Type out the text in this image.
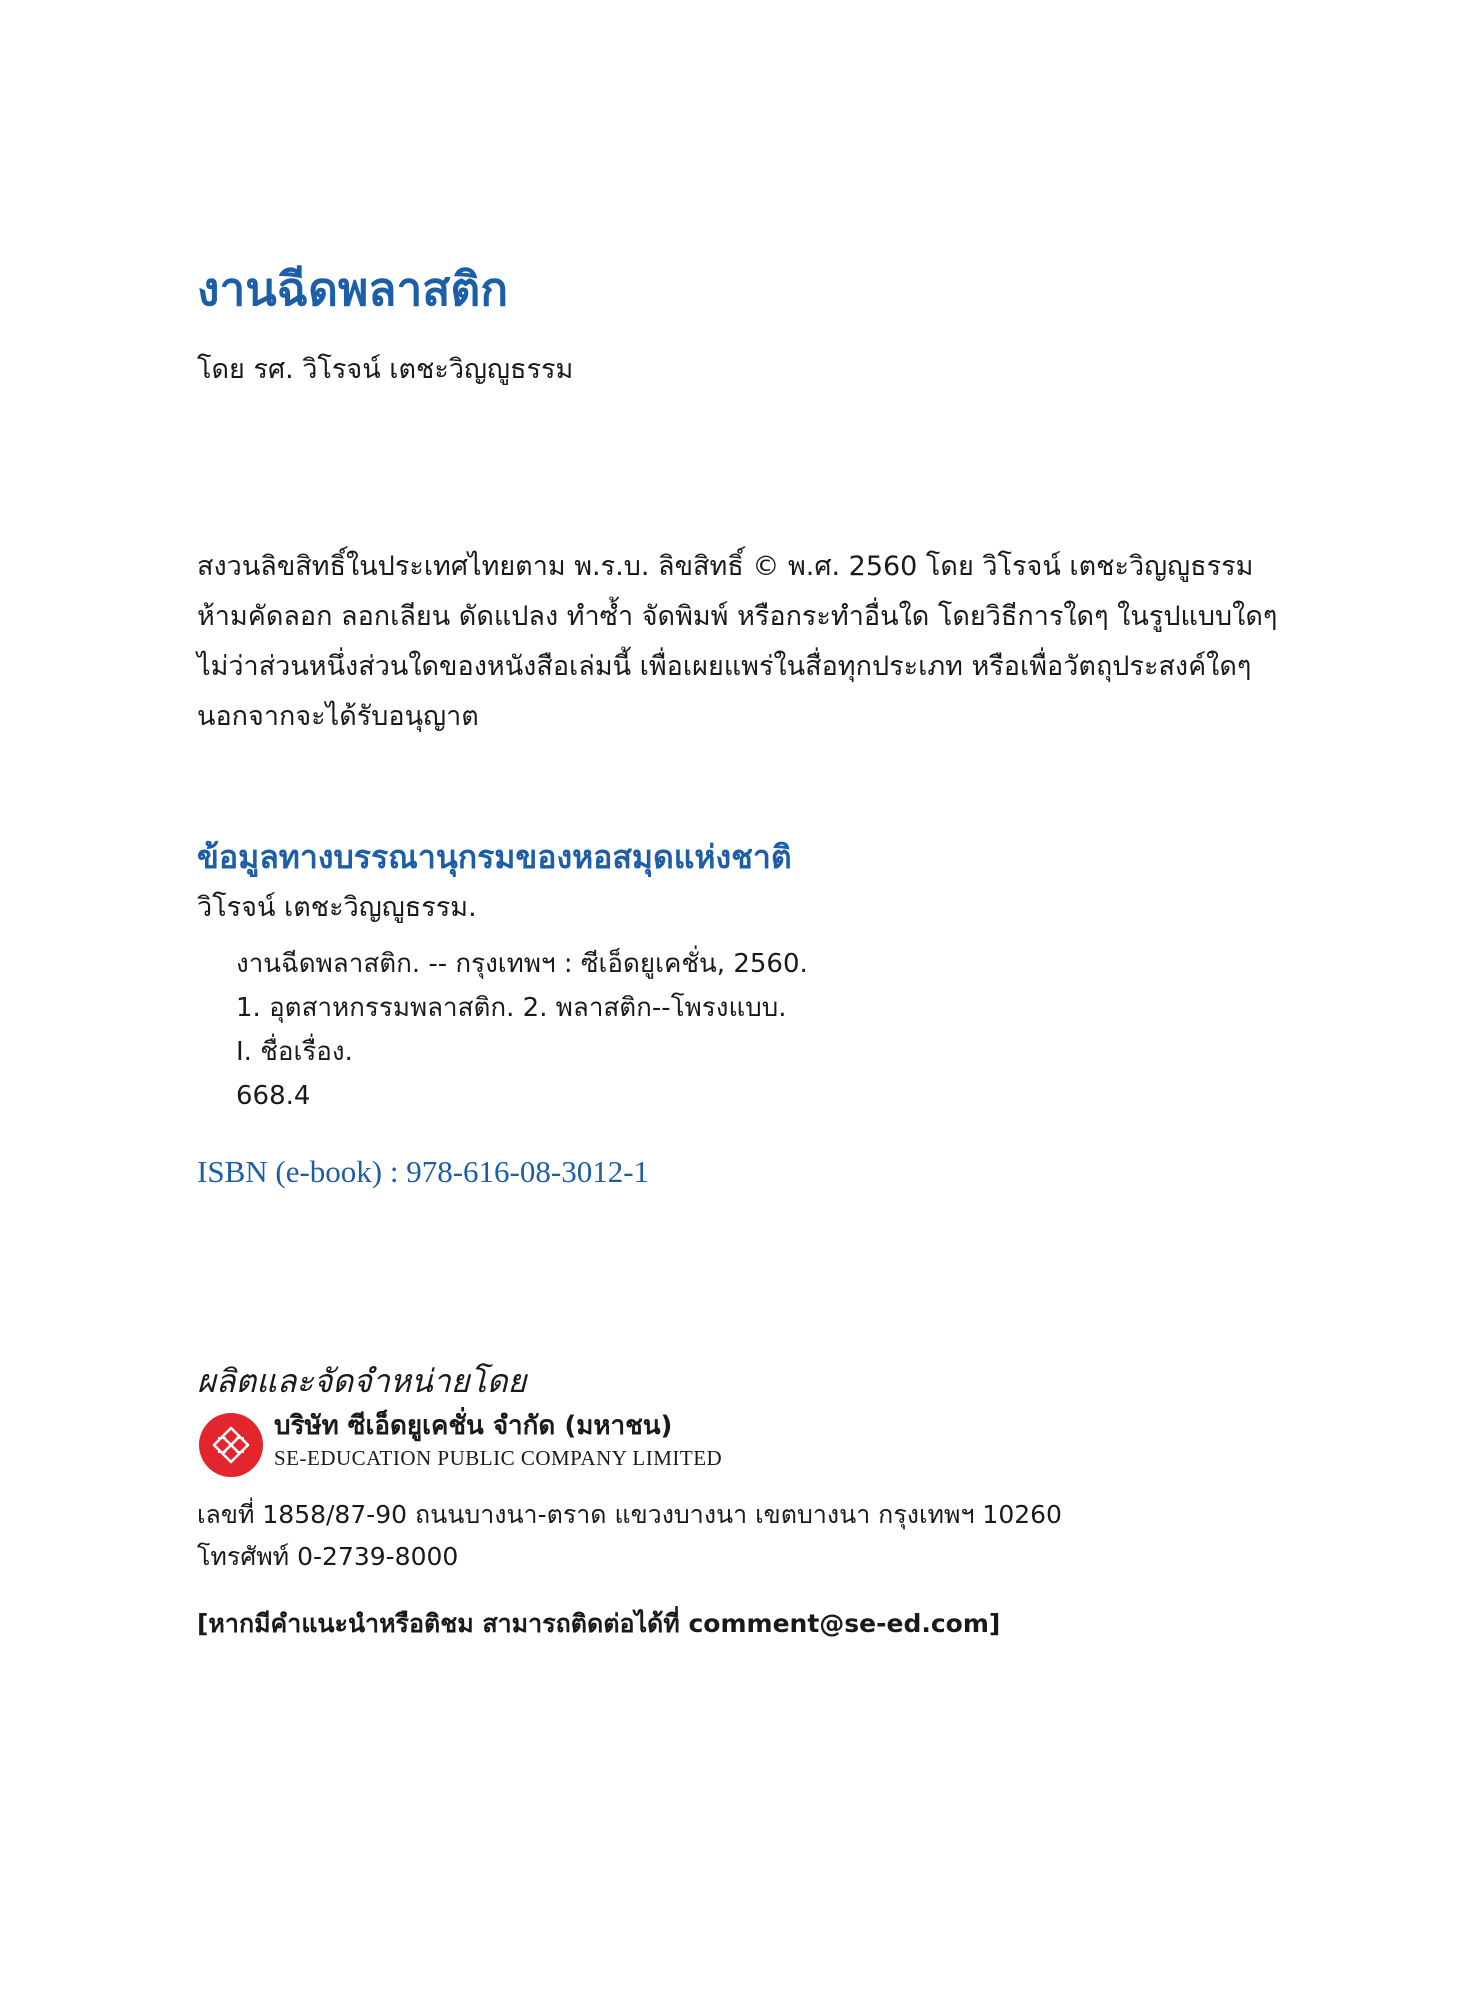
งานฉีดพลาสติก
โดย รศ. วิโรจน์ เตชะวิญญูธรรม
สงวนลิขสิทธิ์ในประเทศไทยตาม พ.ร.บ. ลิขสิทธิ์ © พ.ศ. 2560 โดย วิโรจน์ เตชะวิญญูธรรม
ห้ามคัดลอก ลอกเลียน ดัดแปลง ทำซ้ำ จัดพิมพ์ หรือกระทำอื่นใด โดยวิธีการใดๆ ในรูปแบบใดๆ
ไม่ว่าส่วนหนึ่งส่วนใดของหนังสือเล่มนี้ เพื่อเผยแพร่ในสื่อทุกประเภท หรือเพื่อวัตถุประสงค์ใดๆ
นอกจากจะได้รับอนุญาต
ข้อมูลทางบรรณานุกรมของหอสมุดแห่งชาติ
วิโรจน์ เตชะวิญญูธรรม.
งานฉีดพลาสติก. -- กรุงเทพฯ : ซีเอ็ดยูเคชั่น, 2560.
1. อุตสาหกรรมพลาสติก. 2. พลาสติก--โพรงแบบ.
I. ชื่อเรื่อง.
668.4
ISBN (e-book) : 978-616-08-3012-1
ผลิตและจัดจำหน่ายโดย
บริษัท ซีเอ็ดยูเคชั่น จำกัด (มหาชน)
SE-EDUCATION PUBLIC COMPANY LIMITED
เลขที่ 1858/87-90 ถนนบางนา-ตราด แขวงบางนา เขตบางนา กรุงเทพฯ 10260
โทรศัพท์ 0-2739-8000
[หากมีคำแนะนำหรือติชม สามารถติดต่อได้ที่ comment@se-ed.com]
